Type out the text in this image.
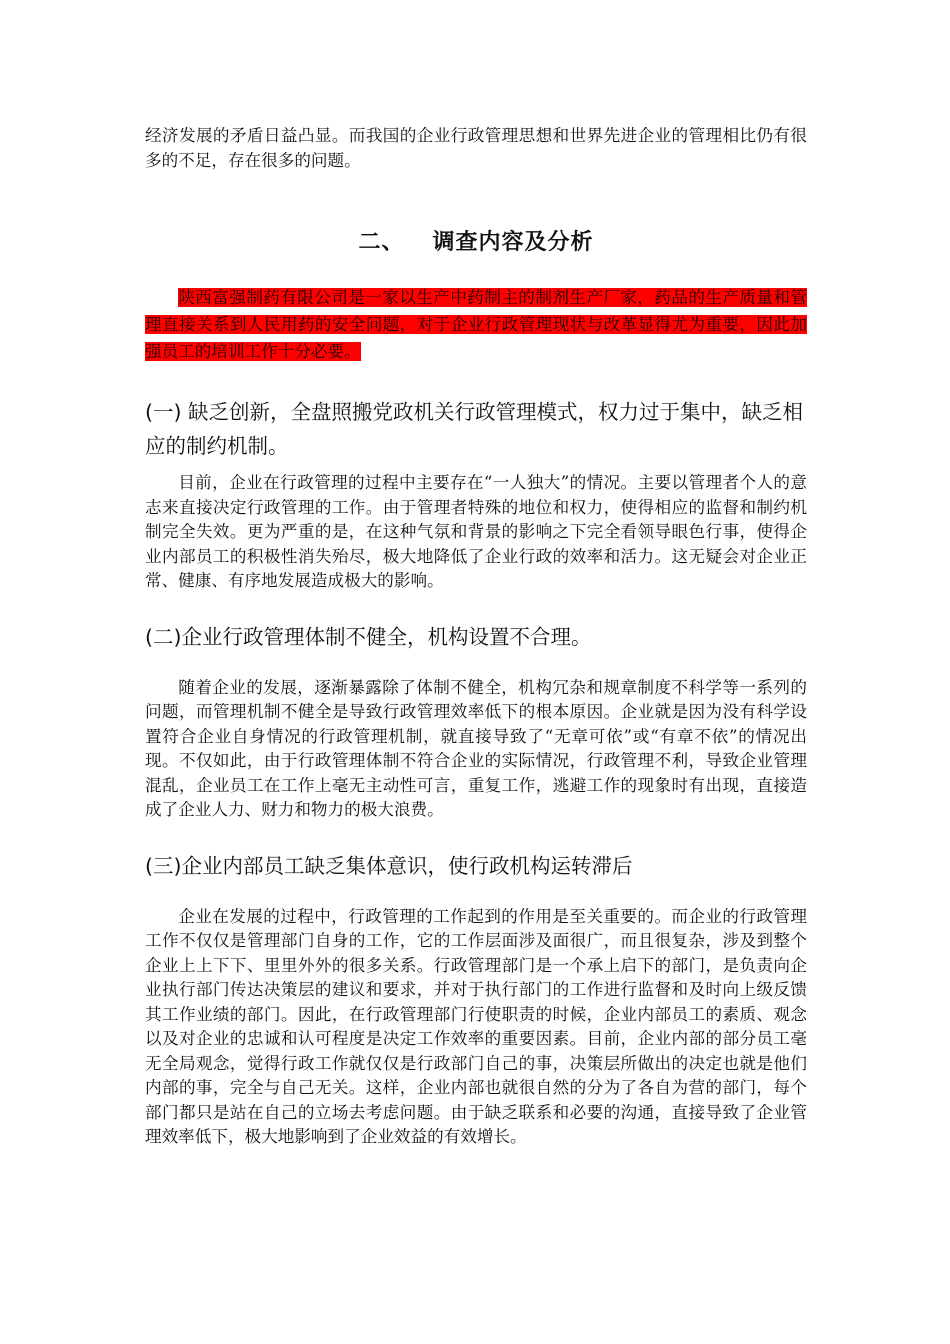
经济发展的矛盾日益凸显。而我国的企业行政管理思想和世界先进企业的管理相比仍有很多的不足，存在很多的问题。

二、 调查内容及分析

陕西富强制药有限公司是一家以生产中药制主的制剂生产厂家，药品的生产质量和管理直接关系到人民用药的安全问题，对于企业行政管理现状与改革显得尤为重要，因此加强员工的培训工作十分必要。

(一) 缺乏创新，全盘照搬党政机关行政管理模式，权力过于集中，缺乏相应的制约机制。

目前，企业在行政管理的过程中主要存在“一人独大”的情况。主要以管理者个人的意志来直接决定行政管理的工作。由于管理者特殊的地位和权力，使得相应的监督和制约机制完全失效。更为严重的是，在这种气氛和背景的影响之下完全看领导眼色行事，使得企业内部员工的积极性消失殆尽，极大地降低了企业行政的效率和活力。这无疑会对企业正常、健康、有序地发展造成极大的影响。

(二)企业行政管理体制不健全，机构设置不合理。

随着企业的发展，逐渐暴露除了体制不健全，机构冗杂和规章制度不科学等一系列的问题，而管理机制不健全是导致行政管理效率低下的根本原因。企业就是因为没有科学设置符合企业自身情况的行政管理机制，就直接导致了“无章可依”或“有章不依”的情况出现。不仅如此，由于行政管理体制不符合企业的实际情况，行政管理不利，导致企业管理混乱，企业员工在工作上毫无主动性可言，重复工作，逃避工作的现象时有出现，直接造成了企业人力、财力和物力的极大浪费。

(三)企业内部员工缺乏集体意识，使行政机构运转滞后

企业在发展的过程中，行政管理的工作起到的作用是至关重要的。而企业的行政管理工作不仅仅是管理部门自身的工作，它的工作层面涉及面很广，而且很复杂，涉及到整个企业上上下下、里里外外的很多关系。行政管理部门是一个承上启下的部门，是负责向企业执行部门传达决策层的建议和要求，并对于执行部门的工作进行监督和及时向上级反馈其工作业绩的部门。因此，在行政管理部门行使职责的时候，企业内部员工的素质、观念以及对企业的忠诚和认可程度是决定工作效率的重要因素。目前，企业内部的部分员工毫无全局观念，觉得行政工作就仅仅是行政部门自己的事，决策层所做出的决定也就是他们内部的事，完全与自己无关。这样，企业内部也就很自然的分为了各自为营的部门，每个部门都只是站在自己的立场去考虑问题。由于缺乏联系和必要的沟通，直接导致了企业管理效率低下，极大地影响到了企业效益的有效增长。
